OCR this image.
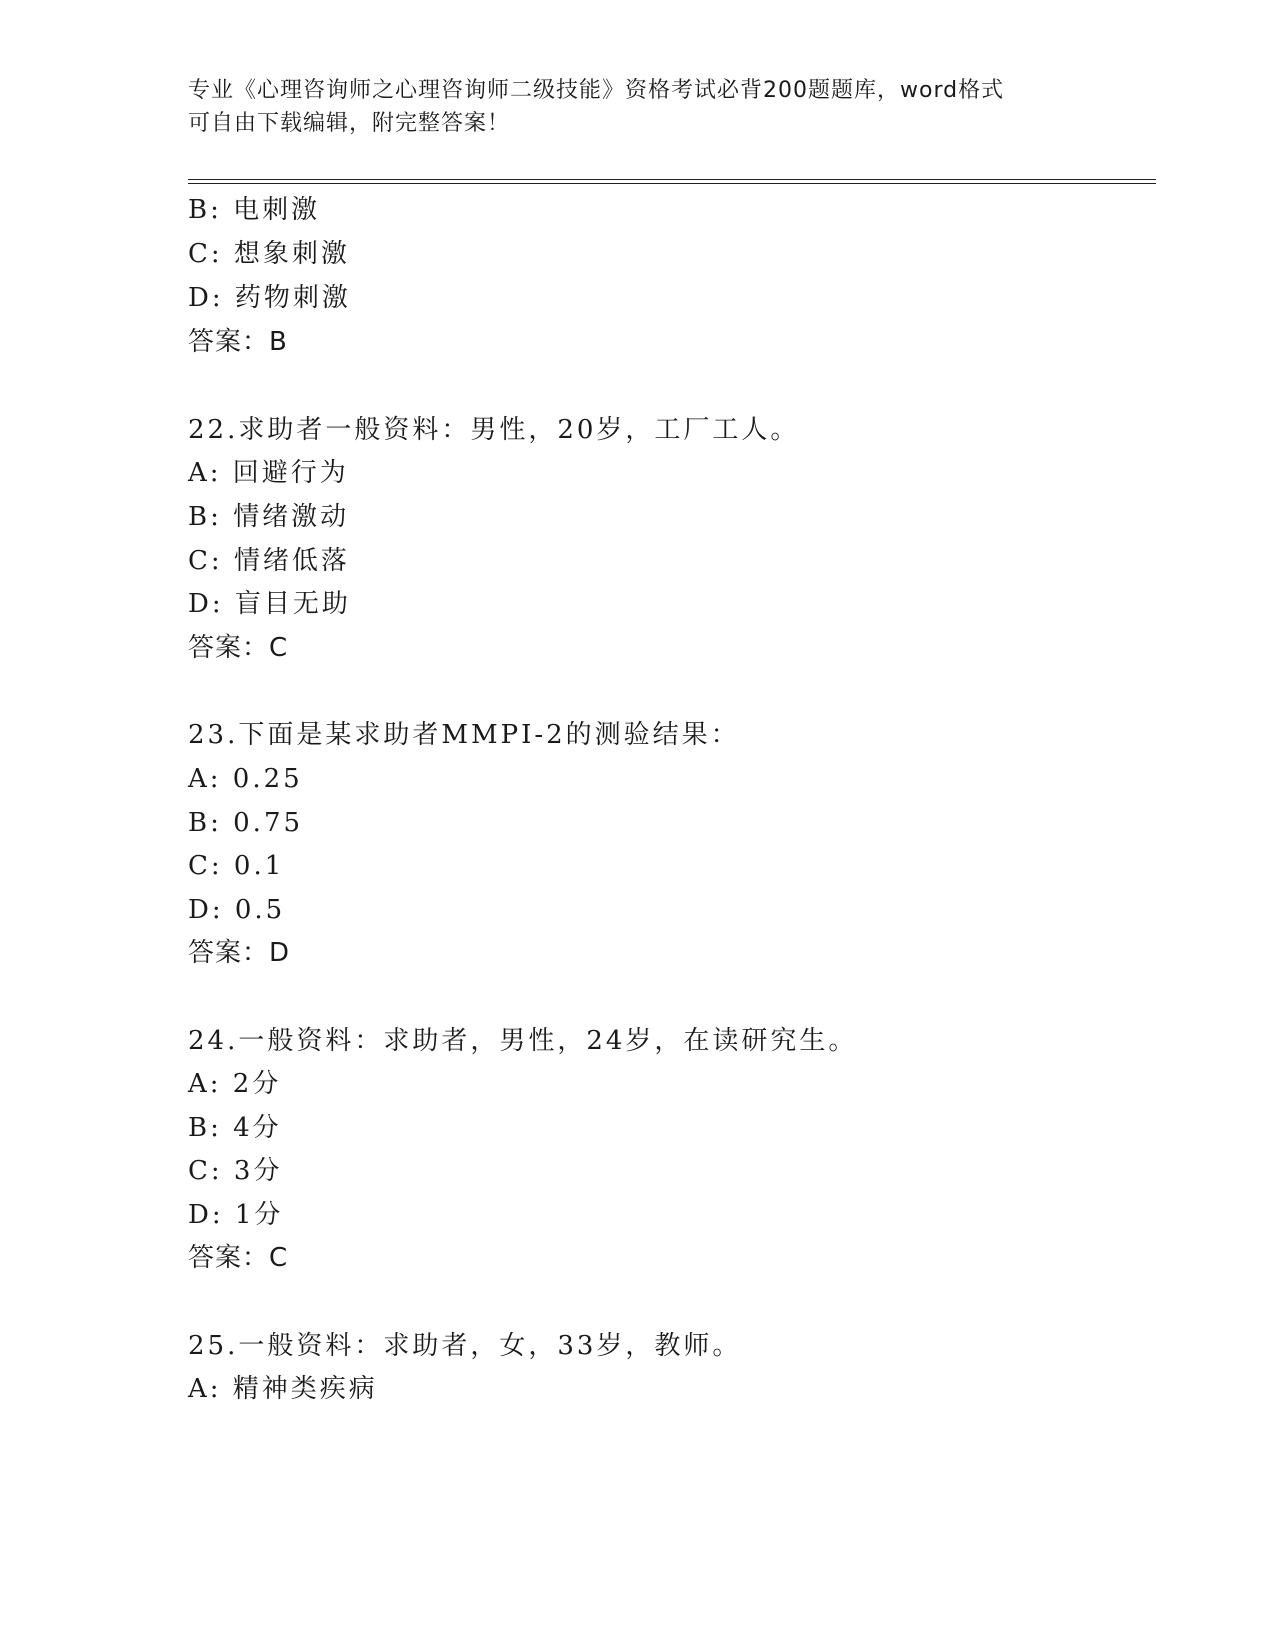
专业《心理咨询师之心理咨询师二级技能》资格考试必背200题题库，word格式
可自由下载编辑，附完整答案！
B: 电刺激
C: 想象刺激
D: 药物刺激
答案：B
22.求助者一般资料：男性，20岁，工厂工人。
A: 回避行为
B: 情绪激动
C: 情绪低落
D: 盲目无助
答案：C
23.下面是某求助者MMPI-2的测验结果：
A: 0.25
B: 0.75
C: 0.1
D: 0.5
答案：D
24.一般资料：求助者，男性，24岁，在读研究生。
A: 2分
B: 4分
C: 3分
D: 1分
答案：C
25.一般资料：求助者，女，33岁，教师。
A: 精神类疾病
